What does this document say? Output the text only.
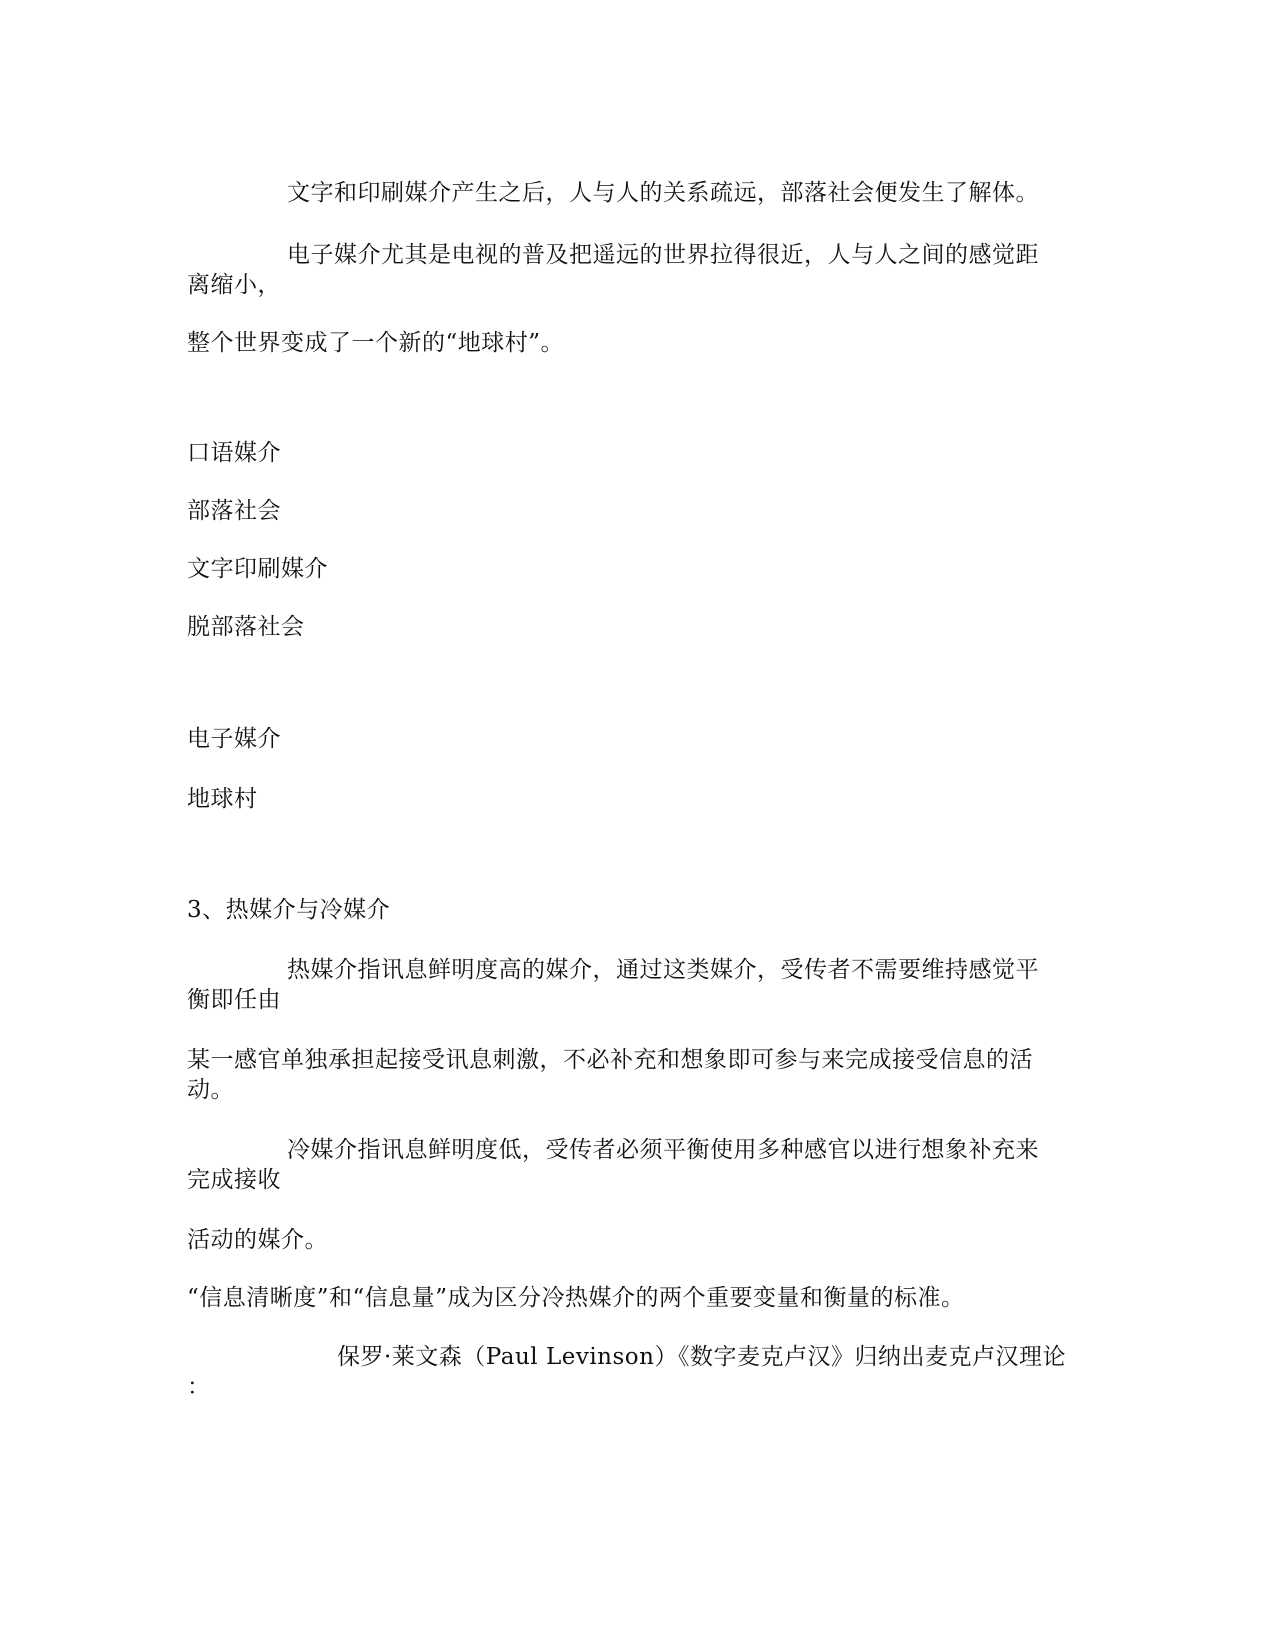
文字和印刷媒介产生之后，人与人的关系疏远，部落社会便发生了解体。
电子媒介尤其是电视的普及把遥远的世界拉得很近，人与人之间的感觉距
离缩小，
整个世界变成了一个新的“地球村”。
口语媒介
部落社会
文字印刷媒介
脱部落社会
电子媒介
地球村
3、热媒介与冷媒介
热媒介指讯息鲜明度高的媒介，通过这类媒介，受传者不需要维持感觉平
衡即任由
某一感官单独承担起接受讯息刺激，不必补充和想象即可参与来完成接受信息的活
动。
冷媒介指讯息鲜明度低，受传者必须平衡使用多种感官以进行想象补充来
完成接收
活动的媒介。
“信息清晰度”和“信息量”成为区分冷热媒介的两个重要变量和衡量的标准。
保罗·莱文森（Paul Levinson）《数字麦克卢汉》归纳出麦克卢汉理论
：
